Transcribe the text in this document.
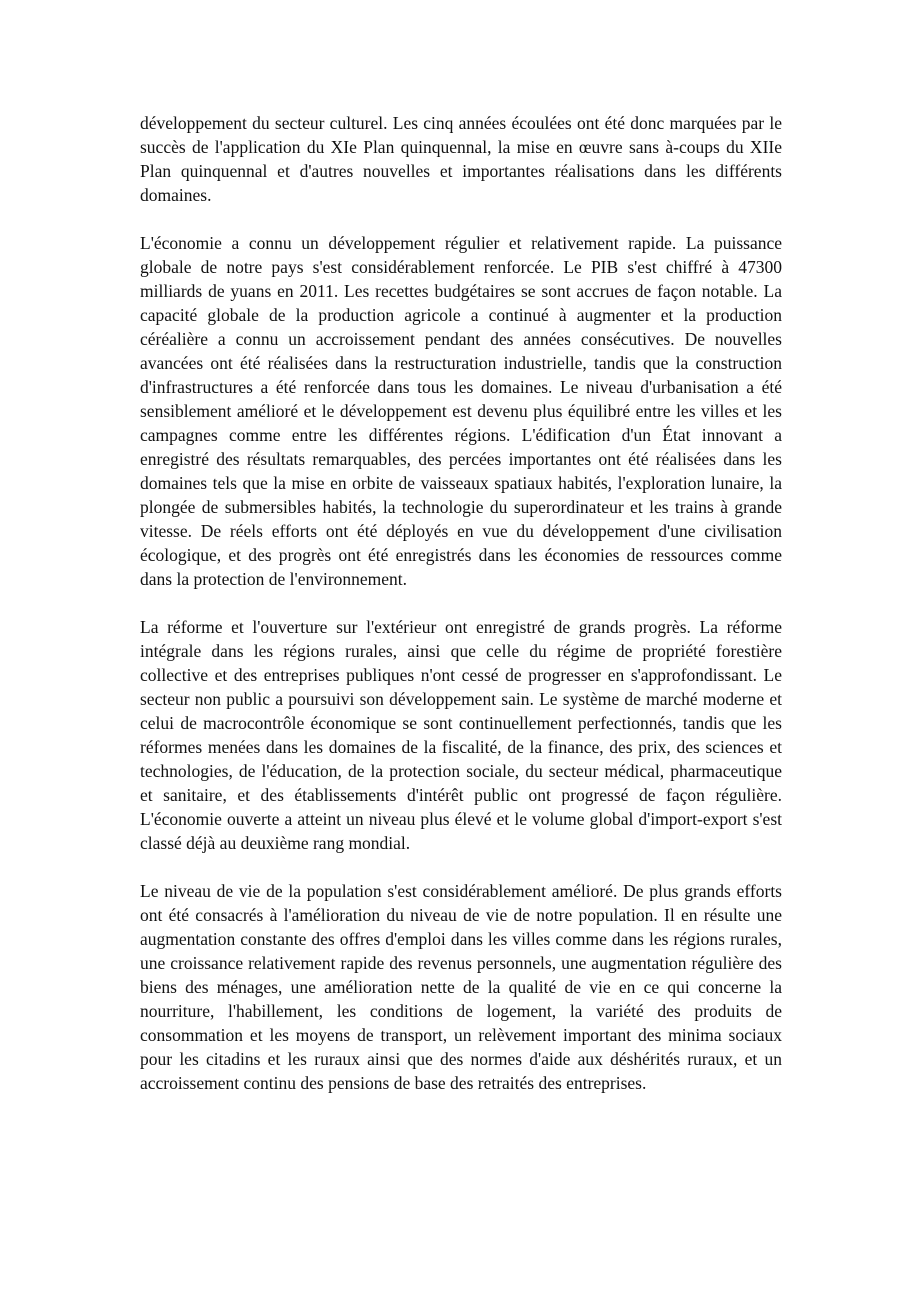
développement du secteur culturel. Les cinq années écoulées ont été donc marquées par le succès de l'application du XIe Plan quinquennal, la mise en œuvre sans à-coups du XIIe Plan quinquennal et d'autres nouvelles et importantes réalisations dans les différents domaines.

L'économie a connu un développement régulier et relativement rapide. La puissance globale de notre pays s'est considérablement renforcée. Le PIB s'est chiffré à 47300 milliards de yuans en 2011. Les recettes budgétaires se sont accrues de façon notable. La capacité globale de la production agricole a continué à augmenter et la production céréalière a connu un accroissement pendant des années consécutives. De nouvelles avancées ont été réalisées dans la restructuration industrielle, tandis que la construction d'infrastructures a été renforcée dans tous les domaines. Le niveau d'urbanisation a été sensiblement amélioré et le développement est devenu plus équilibré entre les villes et les campagnes comme entre les différentes régions. L'édification d'un État innovant a enregistré des résultats remarquables, des percées importantes ont été réalisées dans les domaines tels que la mise en orbite de vaisseaux spatiaux habités, l'exploration lunaire, la plongée de submersibles habités, la technologie du superordinateur et les trains à grande vitesse. De réels efforts ont été déployés en vue du développement d'une civilisation écologique, et des progrès ont été enregistrés dans les économies de ressources comme dans la protection de l'environnement.

La réforme et l'ouverture sur l'extérieur ont enregistré de grands progrès. La réforme intégrale dans les régions rurales, ainsi que celle du régime de propriété forestière collective et des entreprises publiques n'ont cessé de progresser en s'approfondissant. Le secteur non public a poursuivi son développement sain. Le système de marché moderne et celui de macrocontrôle économique se sont continuellement perfectionnés, tandis que les réformes menées dans les domaines de la fiscalité, de la finance, des prix, des sciences et technologies, de l'éducation, de la protection sociale, du secteur médical, pharmaceutique et sanitaire, et des établissements d'intérêt public ont progressé de façon régulière. L'économie ouverte a atteint un niveau plus élevé et le volume global d'import-export s'est classé déjà au deuxième rang mondial.

Le niveau de vie de la population s'est considérablement amélioré. De plus grands efforts ont été consacrés à l'amélioration du niveau de vie de notre population. Il en résulte une augmentation constante des offres d'emploi dans les villes comme dans les régions rurales, une croissance relativement rapide des revenus personnels, une augmentation régulière des biens des ménages, une amélioration nette de la qualité de vie en ce qui concerne la nourriture, l'habillement, les conditions de logement, la variété des produits de consommation et les moyens de transport, un relèvement important des minima sociaux pour les citadins et les ruraux ainsi que des normes d'aide aux déshérités ruraux, et un accroissement continu des pensions de base des retraités des entreprises.
